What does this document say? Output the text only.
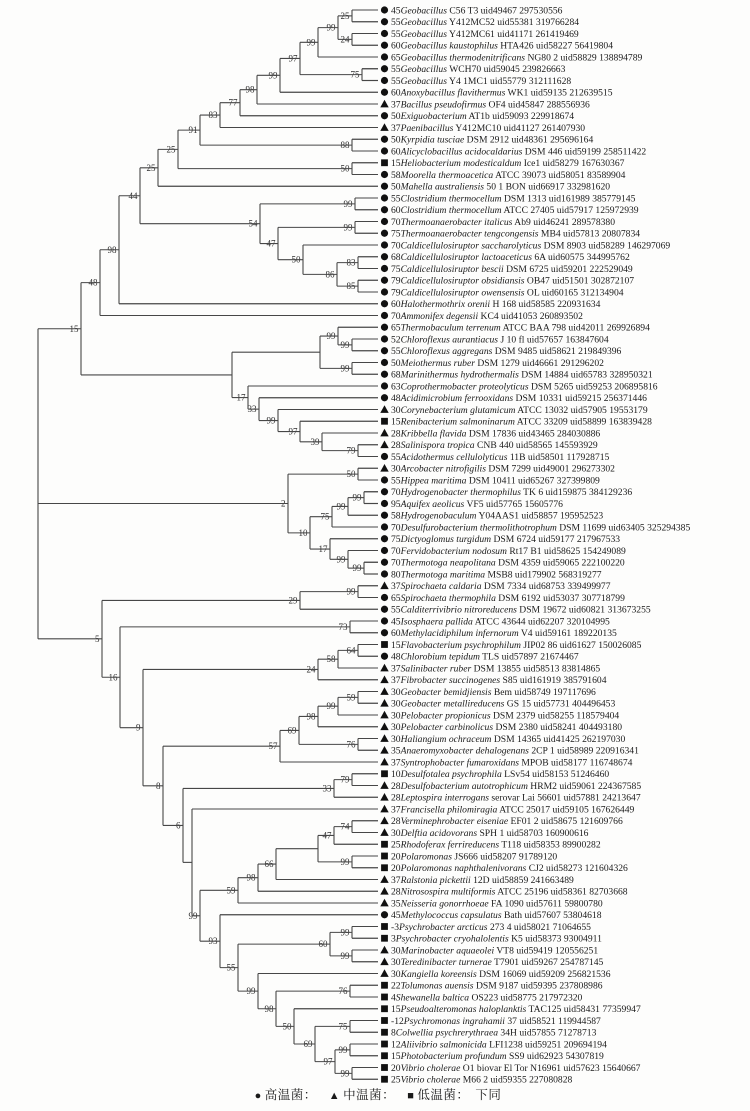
45Geobacillus C56 T3 uid49467 297530556
55Geobacillus Y412MC52 uid55381 319766284
25
55Geobacillus Y412MC61 uid41171 261419469
60Geobacillus kaustophilus HTA426 uid58227 56419804
24
99
65Geobacillus thermodenitrificans NG80 2 uid58829 138894789
99
55Geobacillus WCH70 uid59045 239826663
55Geobacillus Y4 1MC1 uid55779 312111628
75
97
60Anoxybacillus flavithermus WK1 uid59135 212639515
99
37Bacillus pseudofirmus OF4 uid45847 288556936
98
50Exiguobacterium AT1b uid59093 229918674
77
37Paenibacillus Y412MC10 uid41127 261407930
83
50Kyrpidia tusciae DSM 2912 uid48361 295696164
60Alicyclobacillus acidocaldarius DSM 446 uid59199 258511422
88
91
15Heliobacterium modesticaldum Ice1 uid58279 167630367
58Moorella thermoacetica ATCC 39073 uid58051 83589904
50
25
50Mahella australiensis 50 1 BON uid66917 332981620
25
55Clostridium thermocellum DSM 1313 uid161989 385779145
60Clostridium thermocellum ATCC 27405 uid57917 125972939
99
70Thermoanaerobacter italicus Ab9 uid46241 289578380
75Thermoanaerobacter tengcongensis MB4 uid57813 20807834
99
70Caldicellulosiruptor saccharolyticus DSM 8903 uid58289 146297069
68Caldicellulosiruptor lactoaceticus 6A uid60575 344995762
75Caldicellulosiruptor bescii DSM 6725 uid59201 222529049
83
79Caldicellulosiruptor obsidiansis OB47 uid51501 302872107
79Caldicellulosiruptor owensensis OL uid60165 312134904
85
86
50
47
54
44
60Halothermothrix orenii H 168 uid58585 220931634
98
70Ammonifex degensii KC4 uid41053 260893502
48
65Thermobaculum terrenum ATCC BAA 798 uid42011 269926894
52Chloroflexus aurantiacus J 10 fl uid57657 163847604
55Chloroflexus aggregans DSM 9485 uid58621 219849396
99
99
50Meiothermus ruber DSM 1279 uid46661 291296202
68Marinithermus hydrothermalis DSM 14884 uid65783 328950321
99
63Coprothermobacter proteolyticus DSM 5265 uid59253 206895816
48Acidimicrobium ferrooxidans DSM 10331 uid59215 256371446
30Corynebacterium glutamicum ATCC 13032 uid57905 19553179
15Renibacterium salmoninarum ATCC 33209 uid58899 163839428
28Kribbella flavida DSM 17836 uid43465 284030886
28Salinispora tropica CNB 440 uid58565 145593929
55Acidothermus cellulolyticus 11B uid58501 117928715
79
39
97
99
33
17
15
30Arcobacter nitrofigilis DSM 7299 uid49001 296273302
55Hippea maritima DSM 10411 uid65267 327399809
50
70Hydrogenobacter thermophilus TK 6 uid159875 384129236
95Aquifex aeolicus VF5 uid57765 15605776
99
58Hydrogenobaculum Y04AAS1 uid58857 195952523
99
70Desulfurobacterium thermolithotrophum DSM 11699 uid63405 325294385
75
75Dictyoglomus turgidum DSM 6724 uid59177 217967533
70Fervidobacterium nodosum Rt17 B1 uid58625 154249089
70Thermotoga neapolitana DSM 4359 uid59065 222100220
80Thermotoga maritima MSB8 uid179902 568319277
99
99
17
10
2
37Spirochaeta caldaria DSM 7334 uid68753 339499977
65Spirochaeta thermophila DSM 6192 uid53037 307718799
99
55Calditerrivibrio nitroreducens DSM 19672 uid60821 313673255
29
45Isosphaera pallida ATCC 43644 uid62207 320104995
60Methylacidiphilum infernorum V4 uid59161 189220135
73
15Flavobacterium psychrophilum JIP02 86 uid61627 150026085
48Chlorobium tepidum TLS uid57897 21674467
64
37Salinibacter ruber DSM 13855 uid58513 83814865
58
37Fibrobacter succinogenes S85 uid161919 385791604
24
30Geobacter bemidjiensis Bem uid58749 197117696
30Geobacter metallireducens GS 15 uid57731 404496453
59
30Pelobacter propionicus DSM 2379 uid58255 118579404
99
30Pelobacter carbinolicus DSM 2380 uid58241 404493180
98
30Haliangium ochraceum DSM 14365 uid41425 262197030
35Anaeromyxobacter dehalogenans 2CP 1 uid58989 220916341
76
69
37Syntrophobacter fumaroxidans MPOB uid58177 116748674
57
10Desulfotalea psychrophila LSv54 uid58153 51246460
28Desulfobacterium autotrophicum HRM2 uid59061 224367585
79
28Leptospira interrogans serovar Lai 56601 uid57881 24213647
33
37Francisella philomiragia ATCC 25017 uid59105 167626449
28Verminephrobacter eiseniae EF01 2 uid58675 121609766
30Delftia acidovorans SPH 1 uid58703 160900616
74
25Rhodoferax ferrireducens T118 uid58353 89900282
47
20Polaromonas JS666 uid58207 91789120
20Polaromonas naphthalenivorans CJ2 uid58273 121604326
99
37Ralstonia pickettii 12D uid58859 241663489
66
28Nitrosospira multiformis ATCC 25196 uid58361 82703668
98
35Neisseria gonorrhoeae FA 1090 uid57611 59800780
59
45Methylococcus capsulatus Bath uid57607 53804618
-3Psychrobacter arcticus 273 4 uid58021 71064655
3Psychrobacter cryohalolentis K5 uid58373 93004911
99
30Marinobacter aquaeolei VT8 uid59419 120556251
30Teredinibacter turnerae T7901 uid59267 254787145
99
60
30Kangiella koreensis DSM 16069 uid59209 256821536
22Tolumonas auensis DSM 9187 uid59395 237808986
4Shewanella baltica OS223 uid58775 217972320
76
15Pseudoalteromonas haloplanktis TAC125 uid58431 77359947
-12Psychromonas ingrahamii 37 uid58521 119944587
8Colwellia psychrerythraea 34H uid57855 71278713
75
12Aliivibrio salmonicida LFI1238 uid59251 209694194
15Photobacterium profundum SS9 uid62923 54307819
99
20Vibrio cholerae O1 biovar El Tor N16961 uid57623 15640667
25Vibrio cholerae M66 2 uid59355 227080828
99
97
69
50
98
99
55
93
99
6
8
9
16
5
● 高温菌： ▲ 中温菌： ■ 低温菌： 下同
